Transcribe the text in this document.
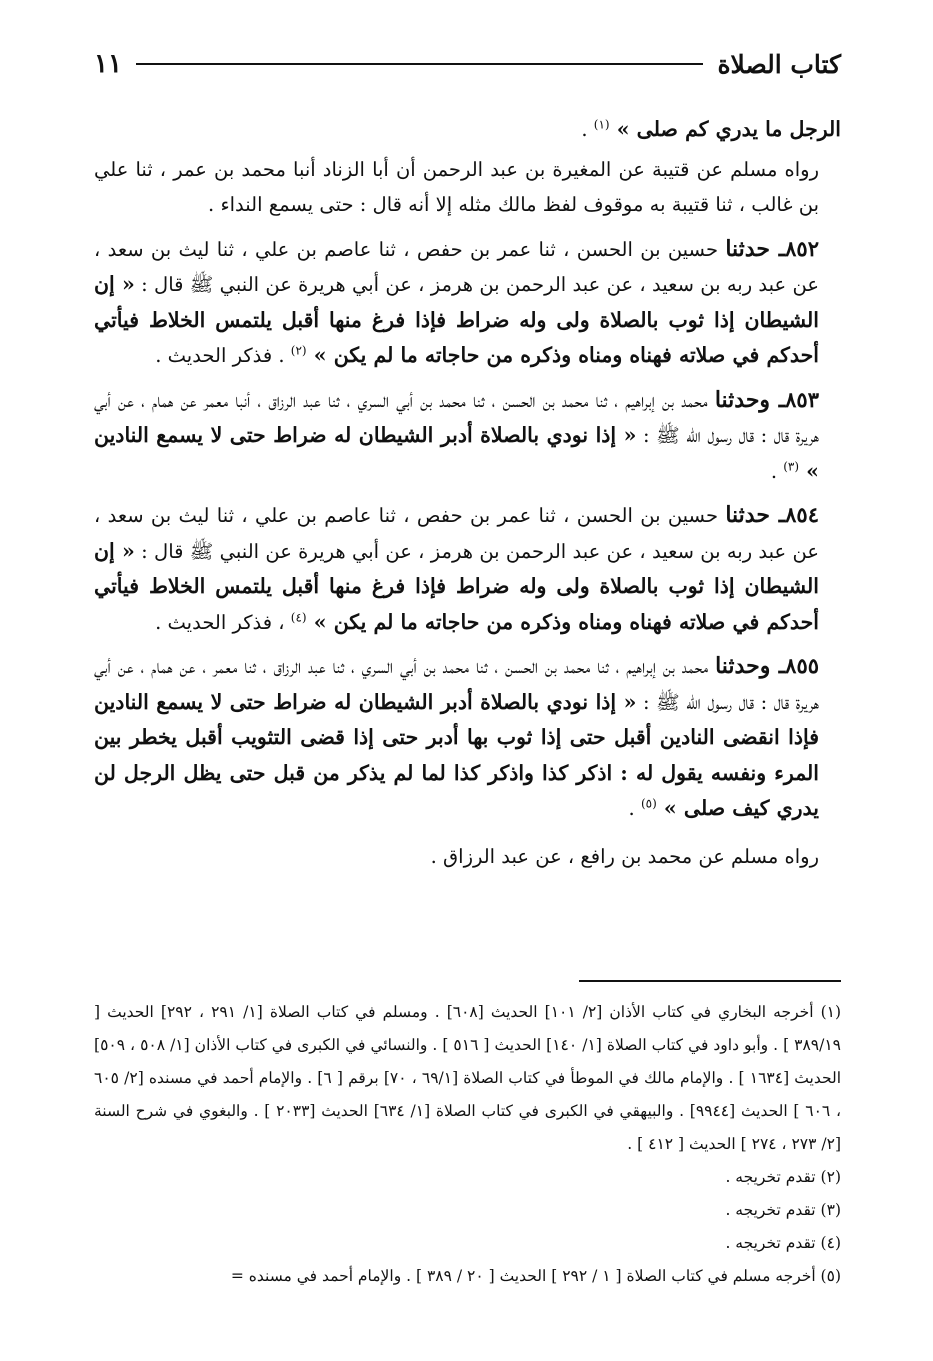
كتاب الصلاة
١١

الرجل ما يدري كم صلى » $^{(١)}$ .

رواه مسلم عن قتيبة عن المغيرة بن عبد الرحمن أن أبا الزناد أنبا محمد بن عمر ، ثنا علي بن غالب ، ثنا قتيبة به موقوف لفظ مالك مثله إلا أنه قال : حتى يسمع النداء .

٨٥٢ـ حدثنا حسين بن الحسن ، ثنا عمر بن حفص ، ثنا عاصم بن علي ، ثنا ليث بن سعد ، عن عبد ربه بن سعيد ، عن عبد الرحمن بن هرمز ، عن أبي هريرة عن النبي ﷺ قال : « إن الشيطان إذا ثوب بالصلاة ولى وله ضراط فإذا فرغ منها أقبل يلتمس الخلاط فيأتي أحدكم في صلاته فهناه ومناه وذكره من حاجاته ما لم يكن » $^{(٢)}$ . فذكر الحديث .

٨٥٣ـ وحدثنا محمد بن إبراهيم ، ثنا محمد بن الحسن ، ثنا محمد بن أبي السري ، ثنا عبد الرزاق ، أنبا معمر عن همام ، عن أبي هريرة قال : قال رسول الله ﷺ : « إذا نودي بالصلاة أدبر الشيطان له ضراط حتى لا يسمع النادين » $^{(٣)}$ .

٨٥٤ـ حدثنا حسين بن الحسن ، ثنا عمر بن حفص ، ثنا عاصم بن علي ، ثنا ليث بن سعد ، عن عبد ربه بن سعيد ، عن عبد الرحمن بن هرمز ، عن أبي هريرة عن النبي ﷺ قال : « إن الشيطان إذا ثوب بالصلاة ولى وله ضراط فإذا فرغ منها أقبل يلتمس الخلاط فيأتي أحدكم في صلاته فهناه ومناه وذكره من حاجاته ما لم يكن » $^{(٤)}$ ، فذكر الحديث .

٨٥٥ـ وحدثنا محمد بن إبراهيم ، ثنا محمد بن الحسن ، ثنا محمد بن أبي السري ، ثنا عبد الرزاق ، ثنا معمر ، عن همام ، عن أبي هريرة قال : قال رسول الله ﷺ : « إذا نودي بالصلاة أدبر الشيطان له ضراط حتى لا يسمع النادين فإذا انقضى النادين أقبل حتى إذا ثوب بها أدبر حتى إذا قضى التثويب أقبل يخطر بين المرء ونفسه يقول له : اذكر كذا واذكر كذا لما لم يذكر من قبل حتى يظل الرجل لن يدري كيف صلى » $^{(٥)}$ .

رواه مسلم عن محمد بن رافع ، عن عبد الرزاق .

(١) أخرجه البخاري في كتاب الأذان [٢/ ١٠١] الحديث [٦٠٨] . ومسلم في كتاب الصلاة [١/ ٢٩١ ، ٢٩٢] الحديث [ ٣٨٩/١٩ ] . وأبو داود في كتاب الصلاة [١/ ١٤٠] الحديث [ ٥١٦ ] . والنسائي في الكبرى في كتاب الأذان [١/ ٥٠٨ ، ٥٠٩] الحديث [١٦٣٤ ] . والإمام مالك في الموطأ في كتاب الصلاة [٦٩/١ ، ٧٠] برقم [ ٦] . والإمام أحمد في مسنده [٢/ ٦٠٥ ، ٦٠٦ ] الحديث [٩٩٤٤] . والبيهقي في الكبرى في كتاب الصلاة [١/ ٦٣٤] الحديث [٢٠٣٣ ] . والبغوي في شرح السنة [٢/ ٢٧٣ ، ٢٧٤ ] الحديث [ ٤١٢ ] .

(٢) تقدم تخريجه .

(٣) تقدم تخريجه .

(٤) تقدم تخريجه .

(٥) أخرجه مسلم في كتاب الصلاة [ ١ / ٢٩٢ ] الحديث [ ٢٠ / ٣٨٩ ] . والإمام أحمد في مسنده =
